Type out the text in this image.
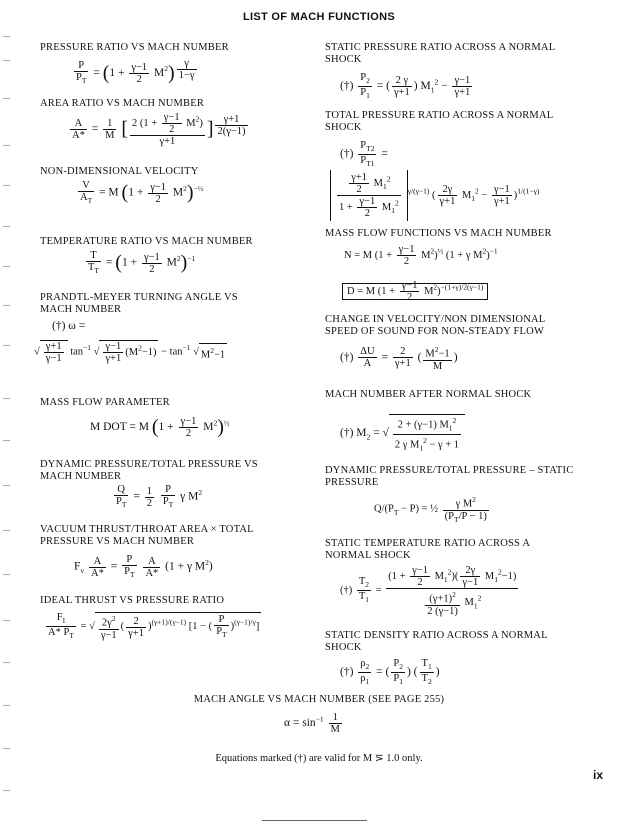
LIST OF MACH FUNCTIONS
PRESSURE RATIO VS MACH NUMBER
$\frac{P}{P_T} = (1 + \frac{\gamma-1}{2} M^2)$ $^{\frac{\gamma}{1-\gamma}}$
AREA RATIO VS MACH NUMBER
$\frac{A}{A*} = \frac{1}{M}$ [ $\frac{2 (1 + \frac{\gamma-1}{2} M^2)}{\gamma+1}$ ] $^{\frac{\gamma+1}{2(\gamma-1)}}$
NON-DIMENSIONAL VELOCITY
$\frac{V}{A_T} = M$ $(1 + \frac{\gamma-1}{2} M^2)^{-\frac{1}{2}}$
TEMPERATURE RATIO VS MACH NUMBER
$\frac{T}{T_T} = (1 + \frac{\gamma-1}{2} M^2)^{-1}$
PRANDTL-MEYER TURNING ANGLE VS MACH NUMBER
(†) ω =
√ $\frac{\gamma+1}{\gamma-1} \tan^{-1}$ √ $\frac{\gamma-1}{\gamma+1} (M^2-1) - \tan^{-1}$ √ $M^2-1$
MASS FLOW PARAMETER
M DOT = M $(1 + \frac{\gamma-1}{2} M^2)^{\frac{1}{2}}$
DYNAMIC PRESSURE/TOTAL PRESSURE VS MACH NUMBER
$\frac{Q}{P_T} = \frac{1}{2}$
$\frac{P}{P_T}$ γ $M^2$
VACUUM THRUST/THROAT AREA × TOTAL PRESSURE VS MACH NUMBER
$F_v \frac{A}{A*} = \frac{P}{P_T}$
$\frac{A}{A*} (1 + \gamma$ $M^2$)
IDEAL THRUST VS PRESSURE RATIO
$\frac{F_I}{A* P_T}$ = √ $\frac{2\gamma^2}{\gamma-1}$ ( $\frac{2}{\gamma+1} )^{(\gamma+1)/(\gamma-1)}$ [1 − ( $\frac{P}{P_T} )^{(\gamma-1)/\gamma}$]
STATIC PRESSURE RATIO ACROSS A NORMAL SHOCK
(†) $\frac{P_2}{P_1}$ = ( $\frac{2 \gamma}{\gamma+1}$ ) $M_1^2 - \frac{\gamma-1}{\gamma+1}$
TOTAL PRESSURE RATIO ACROSS A NORMAL SHOCK
(†) $\frac{P_{T2}}{P_{T1}}$ =
$\frac{\frac{\gamma+1}{2} M_1^2}{1 + \frac{\gamma-1}{2} M_1^2} ^{\gamma/(\gamma-1)}$ ( $\frac{2\gamma}{\gamma+1} M_1^2 - \frac{\gamma-1}{\gamma+1} )^{1/(1-\gamma)}$
MASS FLOW FUNCTIONS VS MACH NUMBER
N = M $(1 + \frac{\gamma-1}{2} M^2)^{\frac{1}{2}}$ (1 + γ $M^2)^{-1}$
D = M $(1 + \frac{\gamma-1}{2} M^2)^{-(1+\gamma)/2(\gamma-1)}$
CHANGE IN VELOCITY/NON DIMENSIONAL SPEED OF SOUND FOR NON-STEADY FLOW
(†) $\frac{\Delta U}{A} = \frac{2}{\gamma+1}$ ( $\frac{M^2-1}{M}$ )
MACH NUMBER AFTER NORMAL SHOCK
(†) $M_2$ = √ $\frac{2 + (\gamma-1) M_1^2}{2 \gamma M_1^2 - \gamma + 1}$
DYNAMIC PRESSURE/TOTAL PRESSURE – STATIC PRESSURE
$Q/(P_T - P)$ = ½ $\frac{\gamma M^2}{(P_T/P - 1)}$
STATIC TEMPERATURE RATIO ACROSS A NORMAL SHOCK
(†) $\frac{T_2}{T_1} = \frac{(1 + \frac{\gamma-1}{2} M_1^2)( \frac{2\gamma}{\gamma-1} M_1^2-1)}{\frac{(\gamma+1)^2}{2 (\gamma-1)} M_1^2}$
STATIC DENSITY RATIO ACROSS A NORMAL SHOCK
(†) $\frac{\rho_2}{\rho_1}$ = ( $\frac{P_2}{P_1}$ ) ( $\frac{T_1}{T_2}$ )
MACH ANGLE VS MACH NUMBER (SEE PAGE 255)
$\alpha = \sin^{-1} \frac{1}{M}$
Equations marked (†) are valid for M ⋝ 1.0 only.
ix
